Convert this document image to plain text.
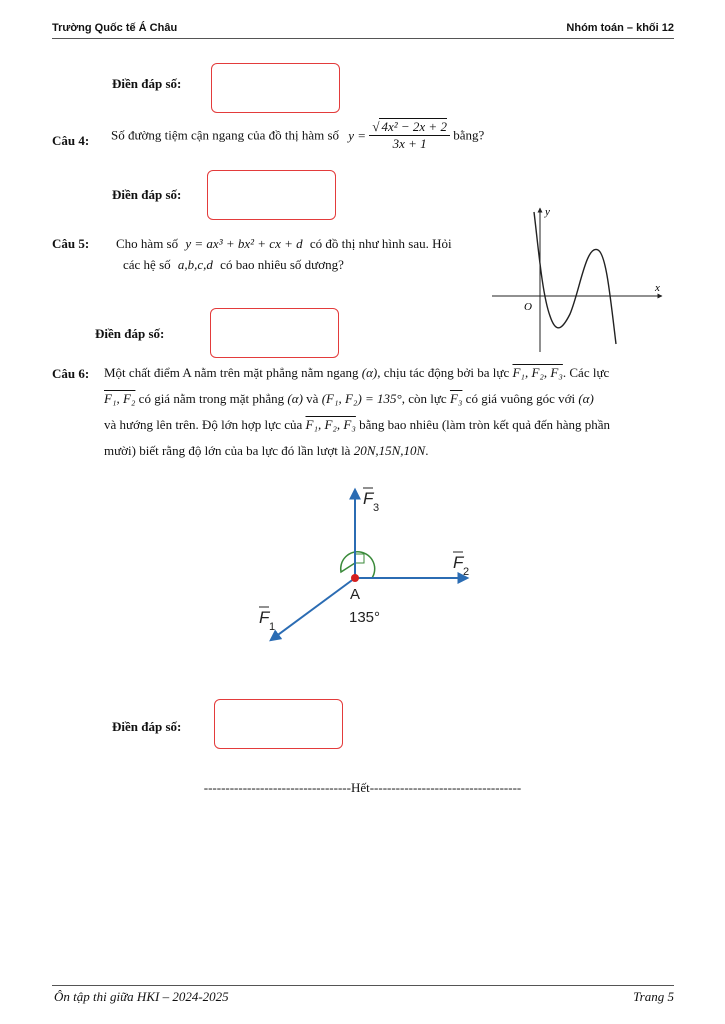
Trường Quốc tế Á Châu	Nhóm toán – khối 12
Điền đáp số:
Câu 4: Số đường tiệm cận ngang của đồ thị hàm số $y = \frac{\text{√ 4x² − 2x + 2}}{3x + 1}$ bằng?
Điền đáp số:
Câu 5: Cho hàm số y = ax³ + bx² + cx + d có đồ thị như hình sau. Hỏi
các hệ số a,b,c,d có bao nhiêu số dương?
y
x
O
Điền đáp số:
Câu 6: Một chất điểm A nằm trên mặt phẳng nằm ngang (α), chịu tác động bởi ba lực F₁, F₂, F₃. Các lực
F₁, F₂ có giá nằm trong mặt phẳng (α) và (F₁, F₂) = 135°, còn lực F₃ có giá vuông góc với (α)
và hướng lên trên. Độ lớn hợp lực của F₁, F₂, F₃ bằng bao nhiêu (làm tròn kết quả đến hàng phần
mười) biết rằng độ lớn của ba lực đó lần lượt là 20N,15N,10N.
F 3
F 2
F 1
A
135°
Điền đáp số:
----------------------------------Hết-----------------------------------
Ôn tập thi giữa HKI – 2024-2025	Trang 5
